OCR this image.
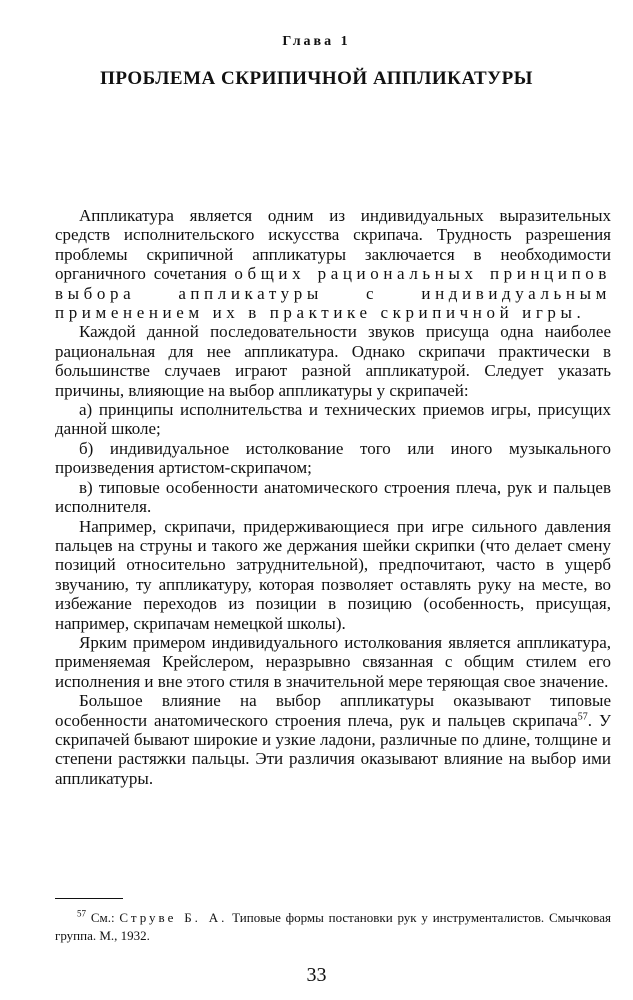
Глава 1
ПРОБЛЕМА СКРИПИЧНОЙ АППЛИКАТУРЫ

Аппликатура является одним из индивидуальных выразительных средств исполнительского искусства скрипача. Трудность разрешения проблемы скрипичной аппликатуры заключается в необходимости органичного сочетания общих рациональных принципов выбора аппликатуры с индивидуальным применением их в практике скрипичной игры.

Каждой данной последовательности звуков присуща одна наиболее рациональная для нее аппликатура. Однако скрипачи практически в большинстве случаев играют разной аппликатурой. Следует указать причины, влияющие на выбор аппликатуры у скрипачей:

а) принципы исполнительства и технических приемов игры, присущих данной школе;

б) индивидуальное истолкование того или иного музыкального произведения артистом-скрипачом;

в) типовые особенности анатомического строения плеча, рук и пальцев исполнителя.

Например, скрипачи, придерживающиеся при игре сильного давления пальцев на струны и такого же держания шейки скрипки (что делает смену позиций относительно затруднительной), предпочитают, часто в ущерб звучанию, ту аппликатуру, которая позволяет оставлять руку на месте, во избежание переходов из позиции в позицию (особенность, присущая, например, скрипачам немецкой школы).

Ярким примером индивидуального истолкования является аппликатура, применяемая Крейслером, неразрывно связанная с общим стилем его исполнения и вне этого стиля в значительной мере теряющая свое значение.

Большое влияние на выбор аппликатуры оказывают типовые особенности анатомического строения плеча, рук и пальцев скрипача$^{57}$. У скрипачей бывают широкие и узкие ладони, различные по длине, толщине и степени растяжки пальцы. Эти различия оказывают влияние на выбор ими аппликатуры.

$^{57}$ См.: Струве Б. А. Типовые формы постановки рук у инструменталистов. Смычковая группа. М., 1932.
33
